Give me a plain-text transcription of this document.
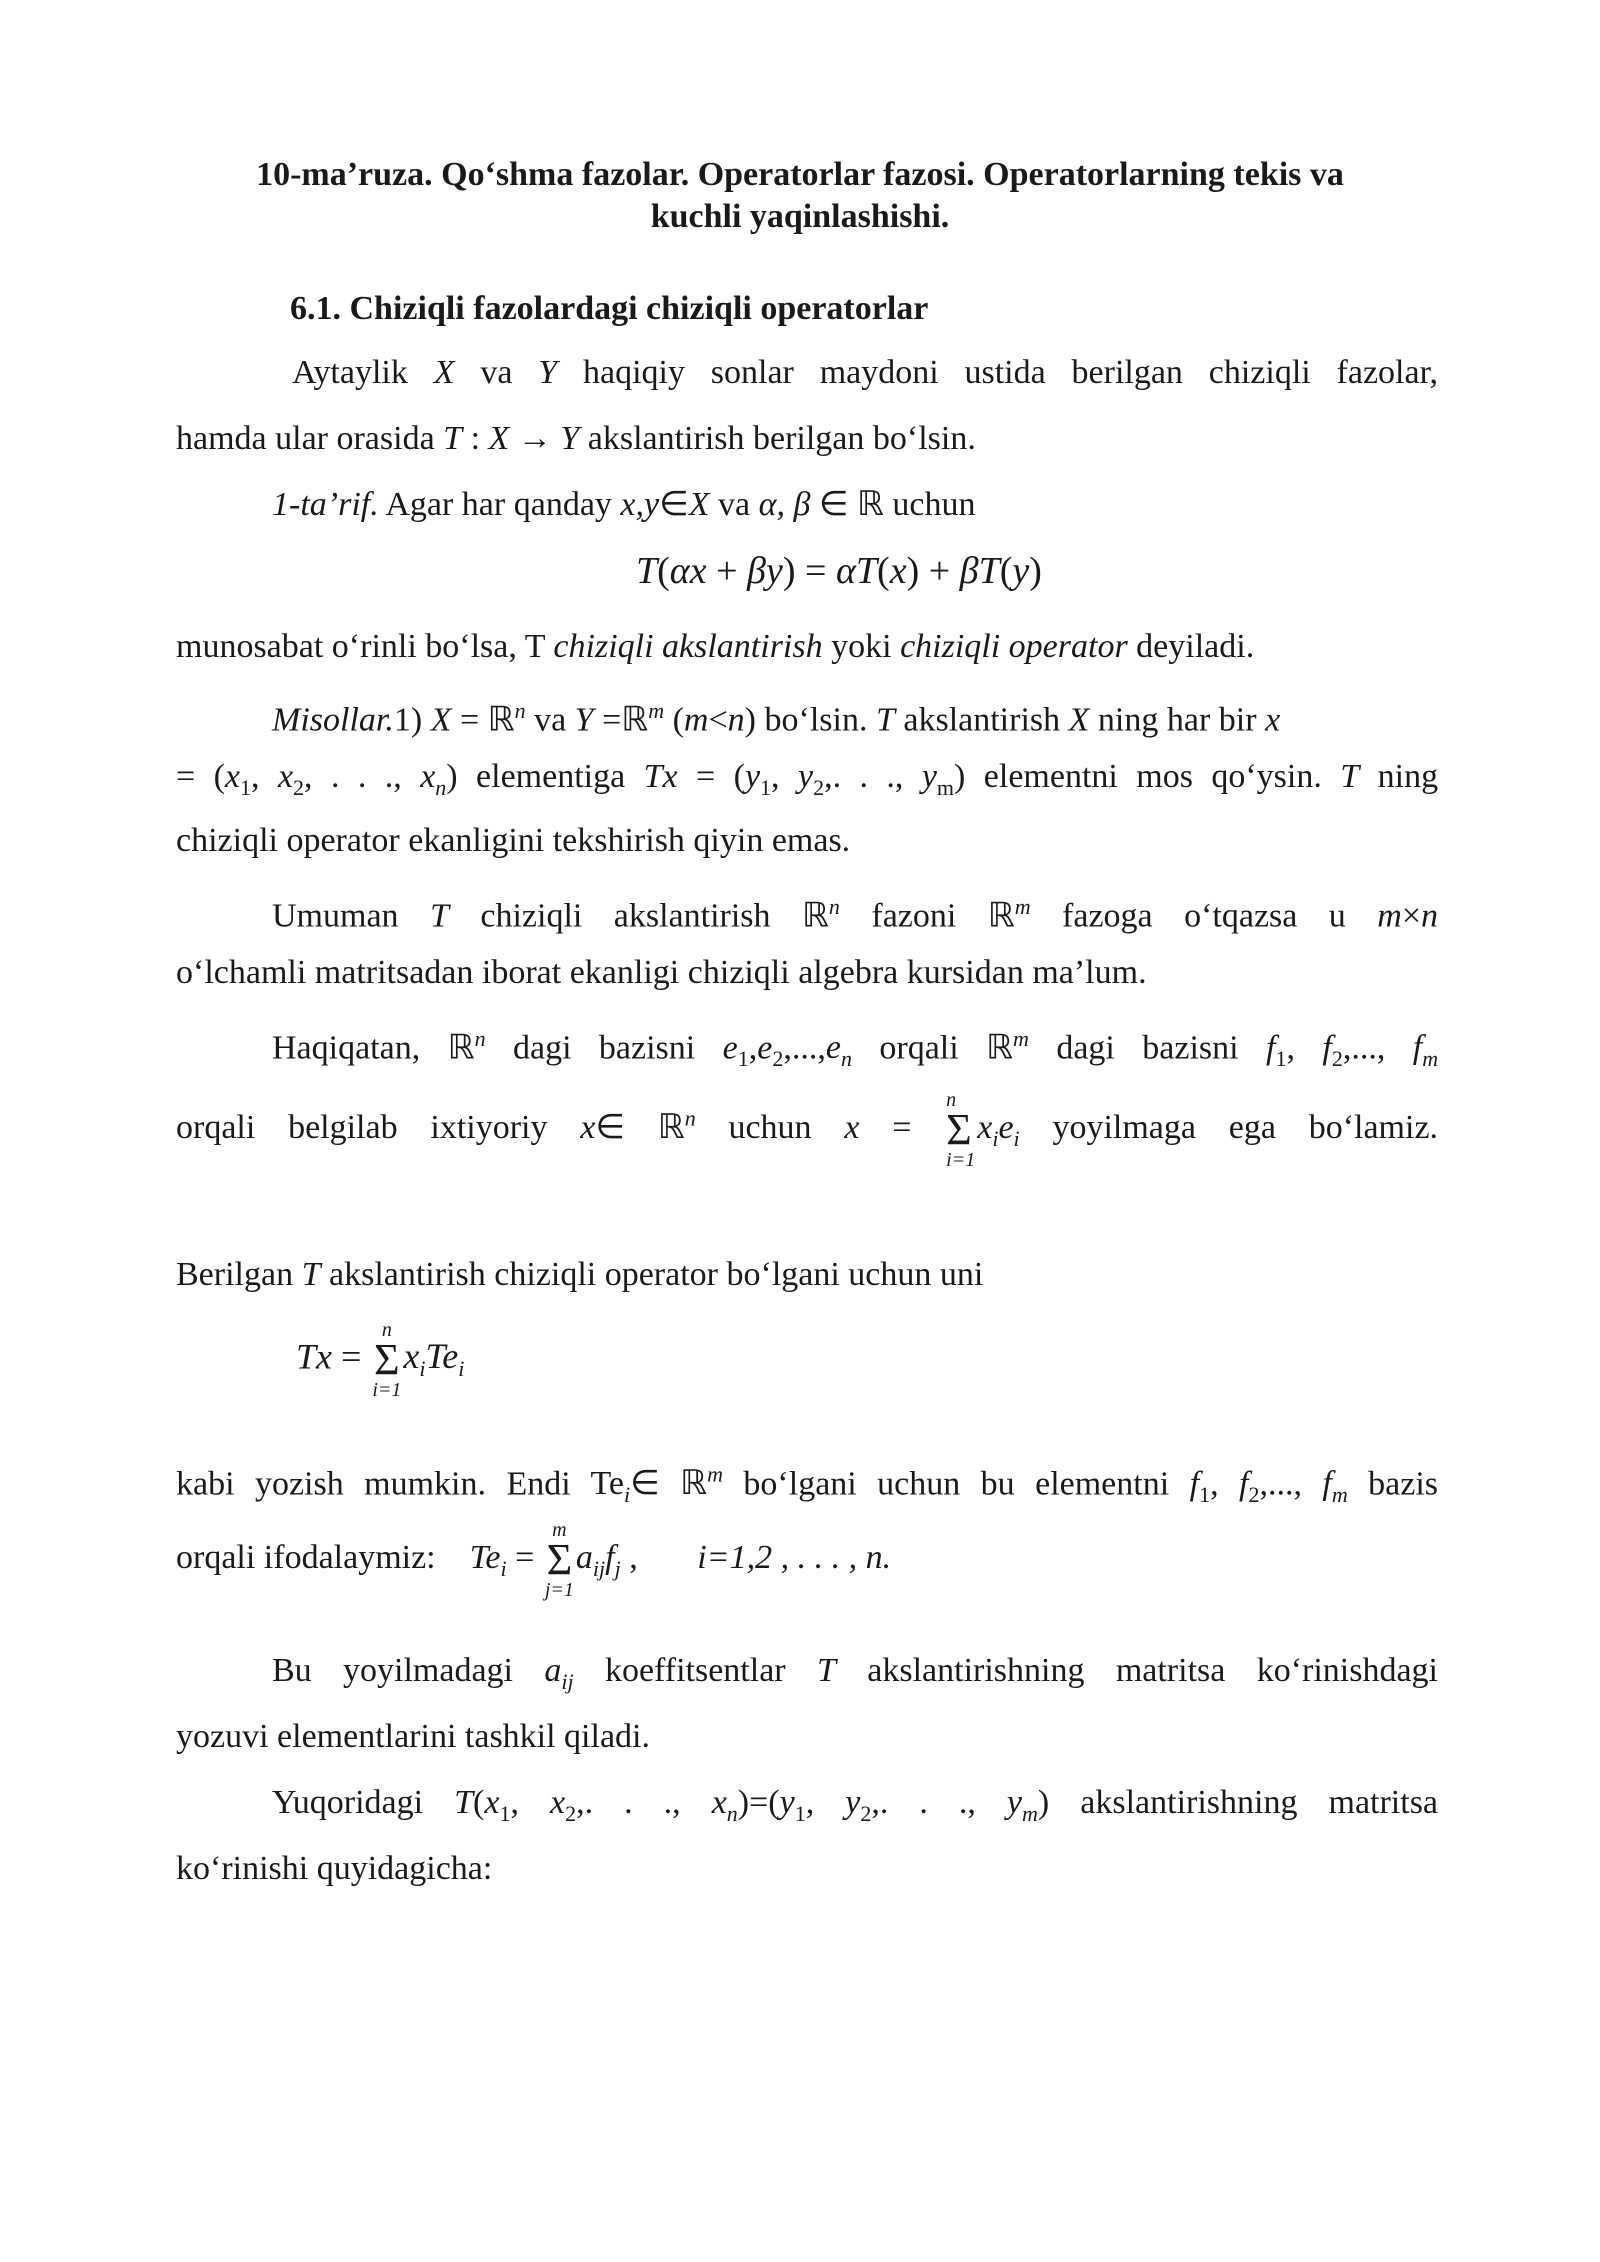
10-ma’ruza. Qo‘shma fazolar. Operatorlar fazosi. Operatorlarning tekis va
kuchli yaqinlashishi.
6.1. Chiziqli fazolardagi chiziqli operatorlar
Aytaylik X va Y haqiqiy sonlar maydoni ustida berilgan chiziqli fazolar,
hamda ular orasida T : X → Y akslantirish berilgan bo‘lsin.
1-ta’rif. Agar har qanday x,y∈X va α, β ∈ ℝ uchun
T(αx + βy) = αT(x) + βT(y)
munosabat o‘rinli bo‘lsa, T chiziqli akslantirish yoki chiziqli operator deyiladi.
Misollar.1) X = ℝ$^n$ va Y =ℝ$^m$ (m<n) bo‘lsin. T akslantirish X ning har bir x
= ($x_1$, $x_2$, . . ., $x_n$) elementiga $Tx = (y_1$, $y_2$,. . ., $y_m$) elementni mos qo‘ysin. T ning
chiziqli operator ekanligini tekshirish qiyin emas.
Umuman T chiziqli akslantirish ℝ$^n$ fazoni ℝ$^m$ fazoga o‘tqazsa u m×n
o‘lchamli matritsadan iborat ekanligi chiziqli algebra kursidan ma’lum.
Haqiqatan, ℝ$^n$ dagi bazisni $e_1,e_2,...,e_n$ orqali ℝ$^m$ dagi bazisni $f_1$, $f_2$,..., $f_m$
orqali belgilab ixtiyoriy x∈ ℝ$^n$ uchun x =
n
Σ
i=1
$x_ie_i$ yoyilmaga ega bo‘lamiz.
Berilgan T akslantirish chiziqli operator bo‘lgani uchun uni
Tx =
n
Σ
i=1
$x_iTe_i$
kabi yozish mumkin. Endi $Te_i\in$ ℝ$^m$ bo‘lgani uchun bu elementni $f_1$, $f_2$,..., $f_m$ bazis
orqali ifodalaymiz: $Te_i$ =
m
Σ
j=1
$a_{ij}f_j$ ,       i=1,2 , . . . , n.
Bu yoyilmadagi $a_{ij}$ koeffitsentlar T akslantirishning matritsa ko‘rinishdagi
yozuvi elementlarini tashkil qiladi.
Yuqoridagi $T(x_1$, $x_2$,. . ., $x_n)=(y_1$, $y_2$,. . ., $y_m$) akslantirishning matritsa
ko‘rinishi quyidagicha:
